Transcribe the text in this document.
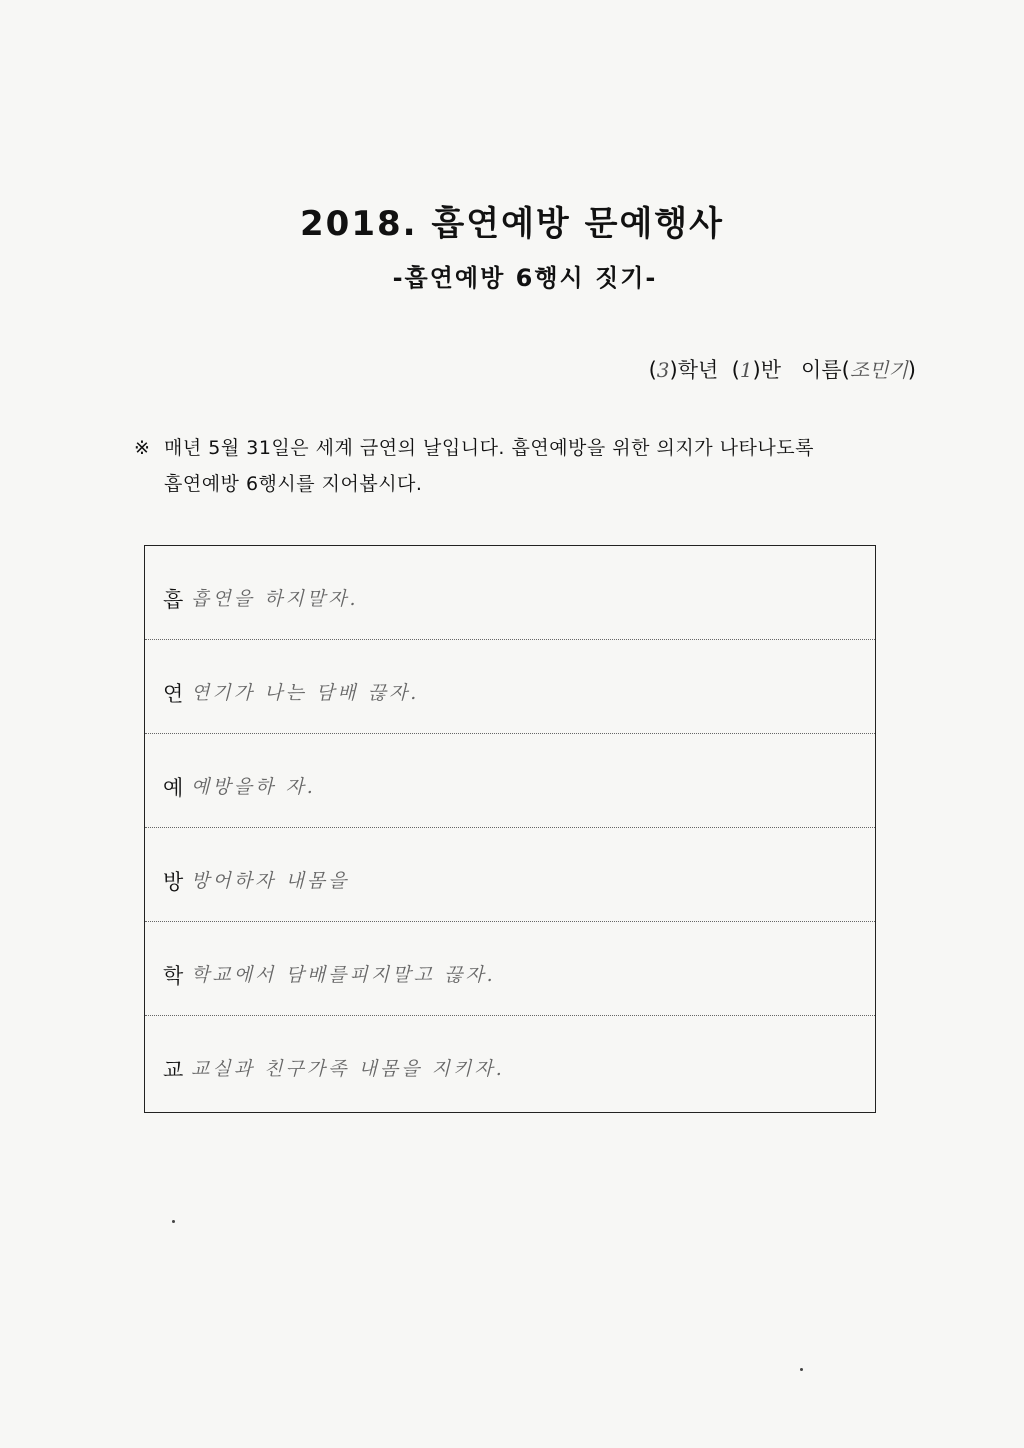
2018. 흡연예방 문예행사
-흡연예방 6행시 짓기-
(3)학년  (1)반   이름(조민기)
※ 매년 5월 31일은 세계 금연의 날입니다. 흡연예방을 위한 의지가 나타나도록
흡연예방 6행시를 지어봅시다.
흡 흡연을 하지말자.
연 연기가 나는 담배 끊자.
예 예방을하 자.
방 방어하자 내몸을
학 학교에서 담배를피지말고 끊자.
교 교실과 친구가족 내몸을 지키자.
